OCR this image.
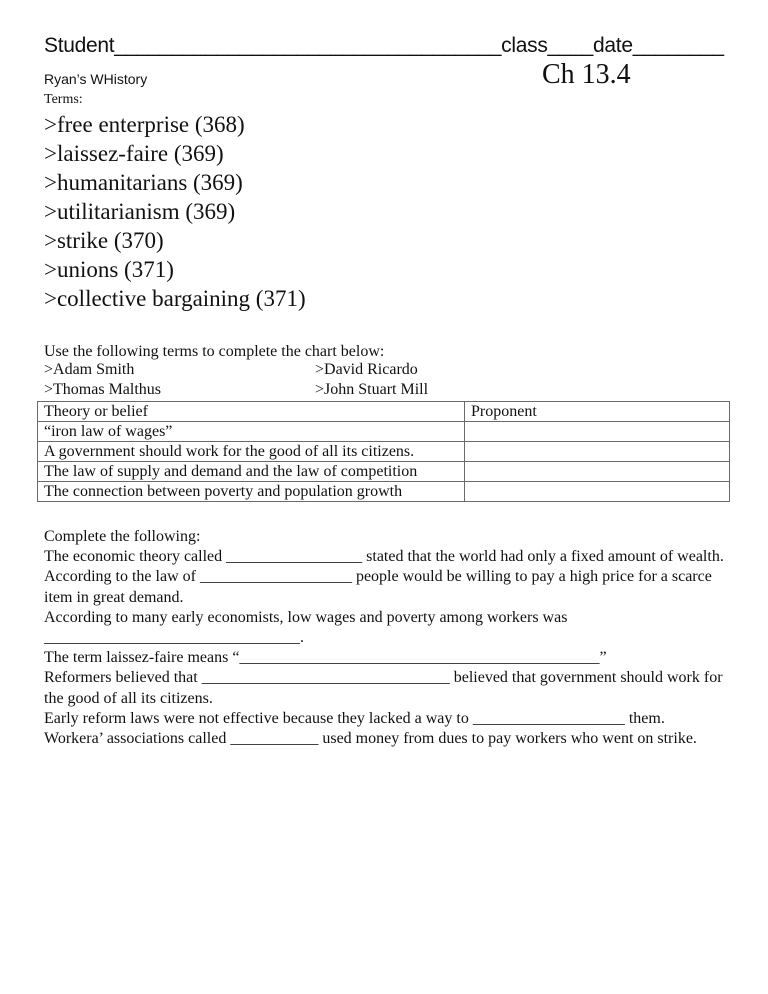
Student__________________________________class____date________
Ryan’s WHistory	Ch 13.4
Terms:
>free enterprise (368)
>laissez-faire (369)
>humanitarians (369)
>utilitarianism (369)
>strike (370)
>unions (371)
>collective bargaining (371)
Use the following terms to complete the chart below:
>Adam Smith	>David Ricardo
>Thomas Malthus	>John Stuart Mill
Theory or belief	Proponent
“iron law of wages”	
A government should work for the good of all its citizens.	
The law of supply and demand and the law of competition	
The connection between poverty and population growth	

Complete the following:

The economic theory called _________________ stated that the world had only a fixed amount of wealth.

According to the law of ___________________ people would be willing to pay a high price for a scarce item in great demand.

According to many early economists, low wages and poverty among workers was ________________________________.

The term laissez-faire means “_____________________________________________”

Reformers believed that _______________________________ believed that government should work for the good of all its citizens.

Early reform laws were not effective because they lacked a way to ___________________ them.

Workera’ associations called ___________ used money from dues to pay workers who went on strike.
